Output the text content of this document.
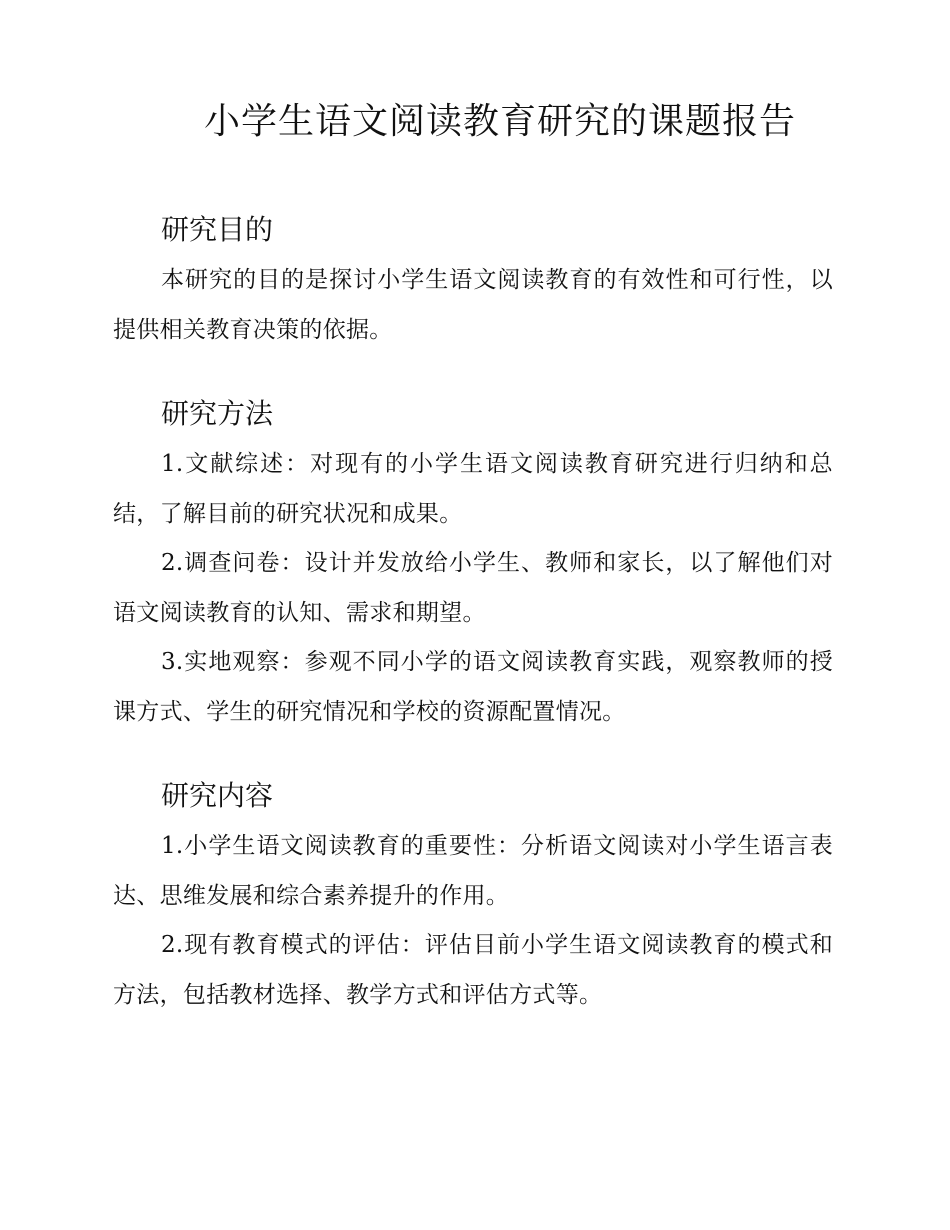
小学生语文阅读教育研究的课题报告
研究目的

本研究的目的是探讨小学生语文阅读教育的有效性和可行性，以提供相关教育决策的依据。

研究方法

1.文献综述：对现有的小学生语文阅读教育研究进行归纳和总结，了解目前的研究状况和成果。

2.调查问卷：设计并发放给小学生、教师和家长，以了解他们对语文阅读教育的认知、需求和期望。

3.实地观察：参观不同小学的语文阅读教育实践，观察教师的授课方式、学生的研究情况和学校的资源配置情况。

研究内容

1.小学生语文阅读教育的重要性：分析语文阅读对小学生语言表达、思维发展和综合素养提升的作用。

2.现有教育模式的评估：评估目前小学生语文阅读教育的模式和方法，包括教材选择、教学方式和评估方式等。
